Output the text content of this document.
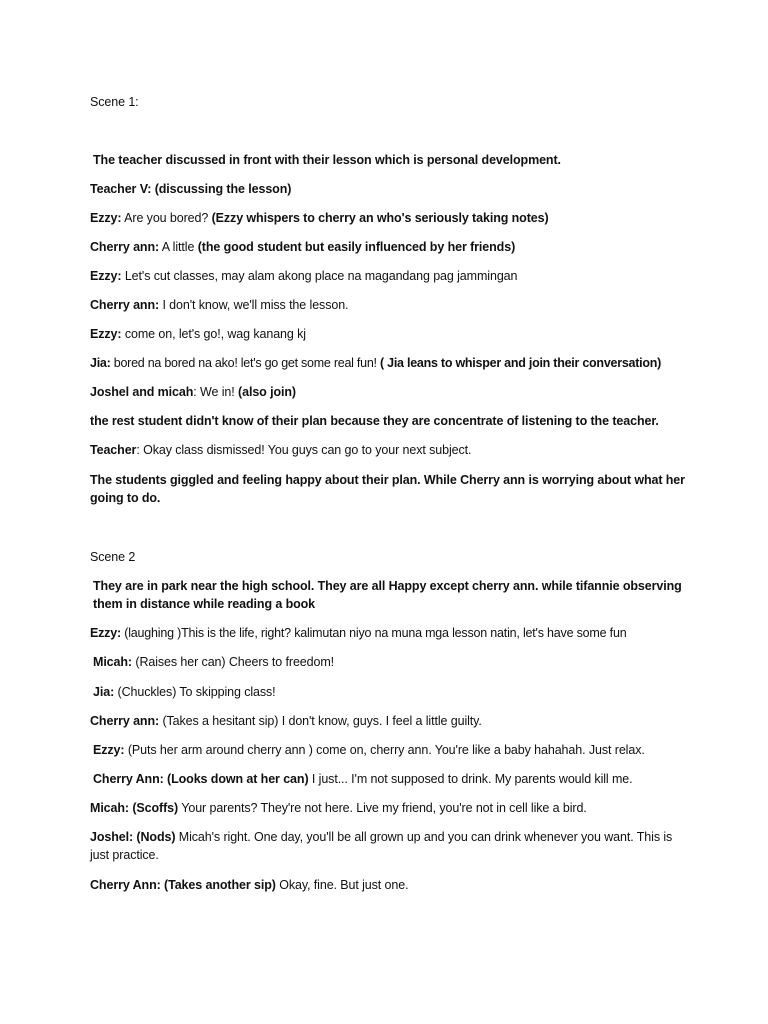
Scene 1:
The teacher discussed in front with their lesson which is personal development.
Teacher V: (discussing the lesson)
Ezzy: Are you bored? (Ezzy whispers to cherry an who's seriously taking notes)
Cherry ann: A little (the good student but easily influenced by her friends)
Ezzy: Let's cut classes, may alam akong place na magandang pag jammingan
Cherry ann: I don't know, we'll miss the lesson.
Ezzy: come on, let's go!, wag kanang kj
Jia: bored na bored na ako! let's go get some real fun! ( Jia leans to whisper and join their conversation)
Joshel and micah: We in! (also join)
the rest student didn't know of their plan because they are concentrate of listening to the teacher.
Teacher: Okay class dismissed! You guys can go to your next subject.
The students giggled and feeling happy about their plan. While Cherry ann is worrying about what her going to do.
Scene 2
They are in park near the high school. They are all Happy except cherry ann. while tifannie observing them in distance while reading a book
Ezzy: (laughing )This is the life, right? kalimutan niyo na muna mga lesson natin, let's have some fun
Micah: (Raises her can) Cheers to freedom!
Jia: (Chuckles) To skipping class!
Cherry ann: (Takes a hesitant sip) I don't know, guys. I feel a little guilty.
Ezzy: (Puts her arm around cherry ann ) come on, cherry ann. You're like a baby hahahah. Just relax.
Cherry Ann: (Looks down at her can) I just... I'm not supposed to drink. My parents would kill me.
Micah: (Scoffs) Your parents? They're not here. Live my friend, you're not in cell like a bird.
Joshel: (Nods) Micah's right. One day, you'll be all grown up and you can drink whenever you want. This is just practice.
Cherry Ann: (Takes another sip) Okay, fine. But just one.
